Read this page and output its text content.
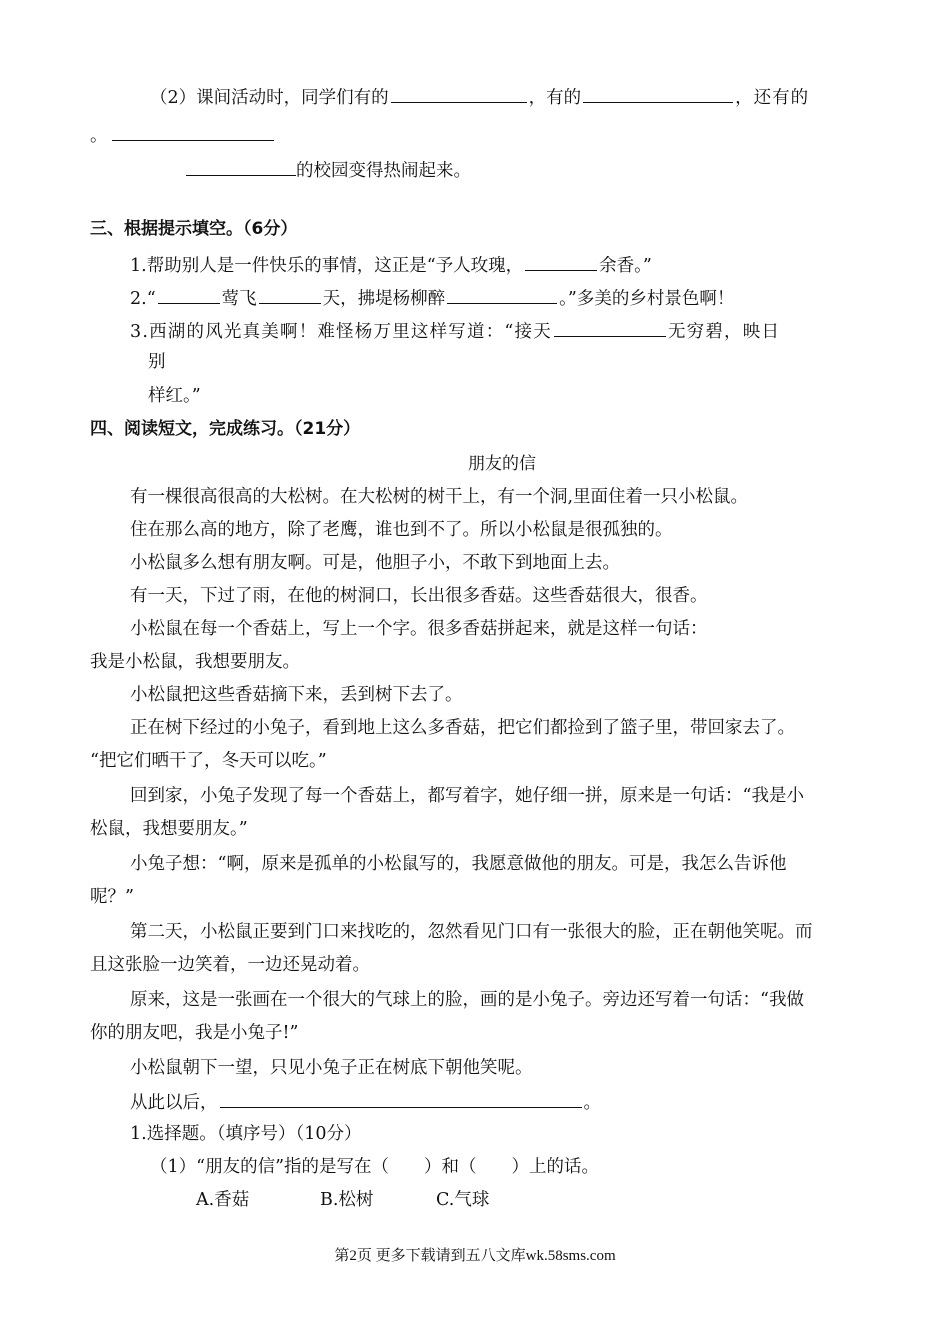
（2）课间活动时，同学们有的	，有的	，还有的
。
的校园变得热闹起来。
三、根据提示填空。（6分）
1.帮助别人是一件快乐的事情，这正是“予人玫瑰，	余香。”
2.“	莺飞	天，拂堤杨柳醉	。”多美的乡村景色啊！
3.西湖的风光真美啊！难怪杨万里这样写道：“接天	无穷碧，映日
别
样红。”
四、阅读短文，完成练习。（21分）
朋友的信
有一棵很高很高的大松树。在大松树的树干上，有一个洞,里面住着一只小松鼠。
住在那么高的地方，除了老鹰，谁也到不了。所以小松鼠是很孤独的。
小松鼠多么想有朋友啊。可是，他胆子小，不敢下到地面上去。
有一天，下过了雨，在他的树洞口，长出很多香菇。这些香菇很大，很香。
小松鼠在每一个香菇上，写上一个字。很多香菇拼起来，就是这样一句话：
我是小松鼠，我想要朋友。
小松鼠把这些香菇摘下来，丢到树下去了。
正在树下经过的小兔子，看到地上这么多香菇，把它们都捡到了篮子里，带回家去了。
“把它们晒干了，冬天可以吃。”
回到家，小兔子发现了每一个香菇上，都写着字，她仔细一拼，原来是一句话：“我是小
松鼠，我想要朋友。”
小兔子想：“啊，原来是孤单的小松鼠写的，我愿意做他的朋友。可是，我怎么告诉他
呢？”
第二天，小松鼠正要到门口来找吃的，忽然看见门口有一张很大的脸，正在朝他笑呢。而
且这张脸一边笑着，一边还晃动着。
原来，这是一张画在一个很大的气球上的脸，画的是小兔子。旁边还写着一句话：“我做
你的朋友吧，我是小兔子!”
小松鼠朝下一望，只见小兔子正在树底下朝他笑呢。
从此以后，	。
1.选择题。（填序号）（10分）
（1）“朋友的信”指的是写在（　　）和（　　）上的话。
A.香菇	B.松树	C.气球
第2页 更多下载请到五八文库wk.58sms.com
